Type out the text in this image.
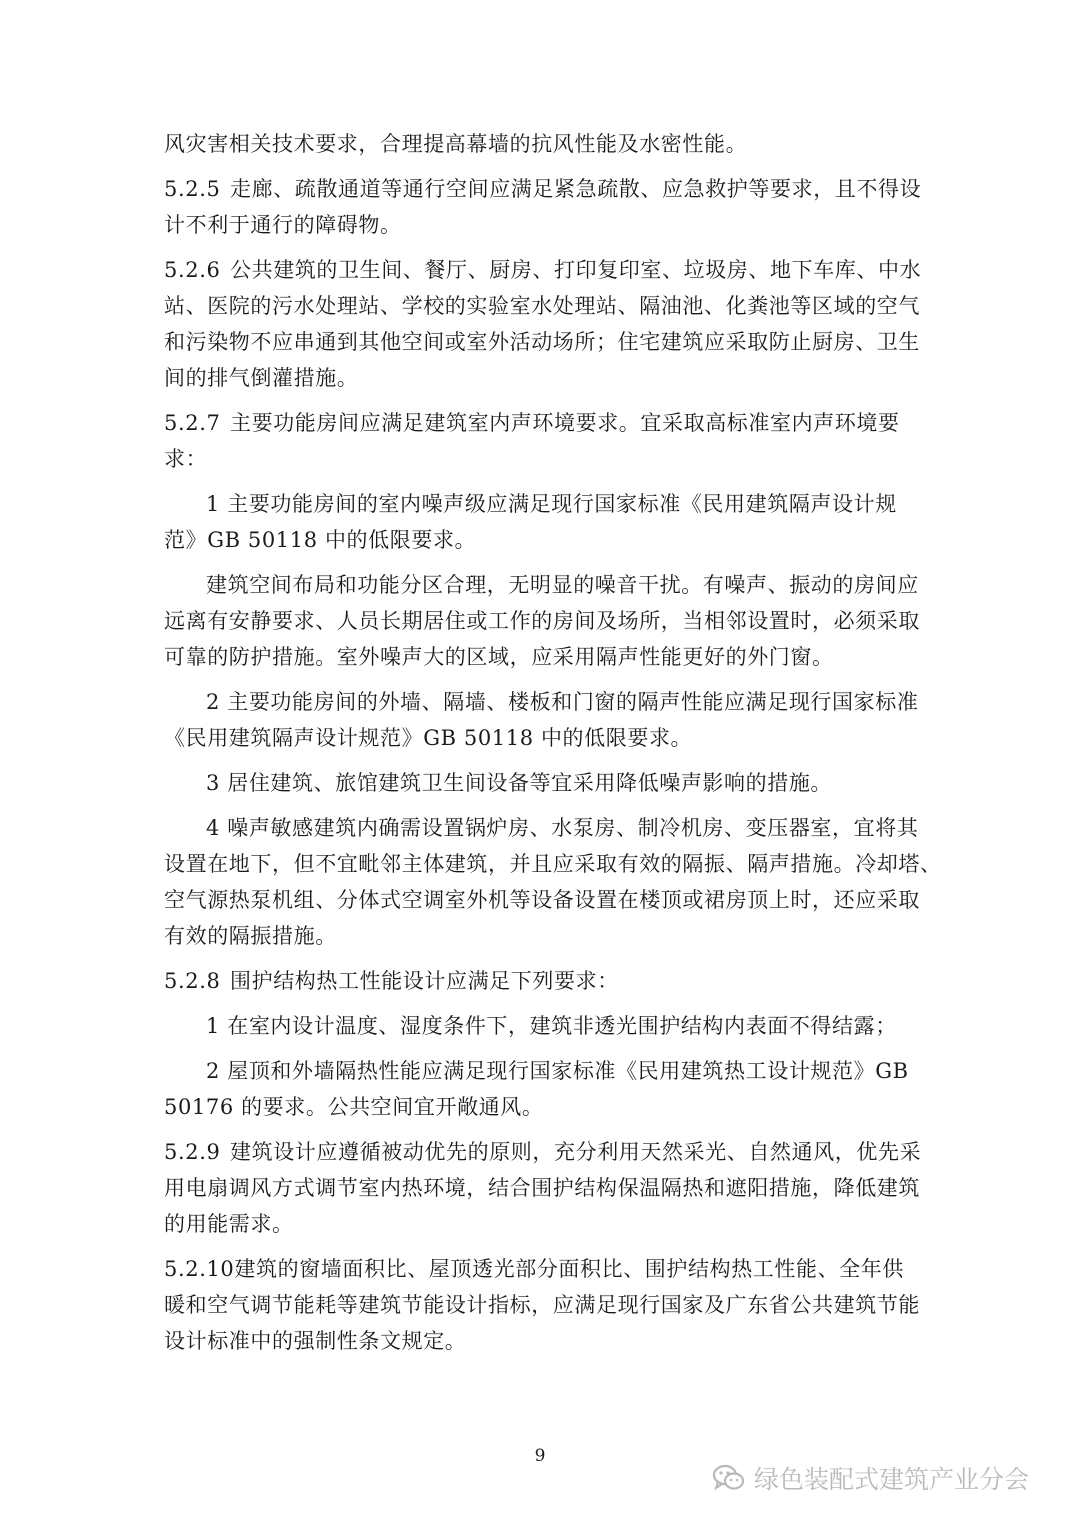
风灾害相关技术要求，合理提高幕墙的抗风性能及水密性能。
5.2.5 走廊、疏散通道等通行空间应满足紧急疏散、应急救护等要求，且不得设
计不利于通行的障碍物。
5.2.6 公共建筑的卫生间、餐厅、厨房、打印复印室、垃圾房、地下车库、中水
站、医院的污水处理站、学校的实验室水处理站、隔油池、化粪池等区域的空气
和污染物不应串通到其他空间或室外活动场所；住宅建筑应采取防止厨房、卫生
间的排气倒灌措施。
5.2.7 主要功能房间应满足建筑室内声环境要求。宜采取高标准室内声环境要
求：
1 主要功能房间的室内噪声级应满足现行国家标准《民用建筑隔声设计规
范》GB 50118 中的低限要求。
建筑空间布局和功能分区合理，无明显的噪音干扰。有噪声、振动的房间应
远离有安静要求、人员长期居住或工作的房间及场所，当相邻设置时，必须采取
可靠的防护措施。室外噪声大的区域，应采用隔声性能更好的外门窗。
2 主要功能房间的外墙、隔墙、楼板和门窗的隔声性能应满足现行国家标准
《民用建筑隔声设计规范》GB 50118 中的低限要求。
3 居住建筑、旅馆建筑卫生间设备等宜采用降低噪声影响的措施。
4 噪声敏感建筑内确需设置锅炉房、水泵房、制冷机房、变压器室，宜将其
设置在地下，但不宜毗邻主体建筑，并且应采取有效的隔振、隔声措施。冷却塔、
空气源热泵机组、分体式空调室外机等设备设置在楼顶或裙房顶上时，还应采取
有效的隔振措施。
5.2.8 围护结构热工性能设计应满足下列要求：
1 在室内设计温度、湿度条件下，建筑非透光围护结构内表面不得结露；
2 屋顶和外墙隔热性能应满足现行国家标准《民用建筑热工设计规范》GB
50176 的要求。公共空间宜开敞通风。
5.2.9 建筑设计应遵循被动优先的原则，充分利用天然采光、自然通风，优先采
用电扇调风方式调节室内热环境，结合围护结构保温隔热和遮阳措施，降低建筑
的用能需求。
5.2.10建筑的窗墙面积比、屋顶透光部分面积比、围护结构热工性能、全年供
暖和空气调节能耗等建筑节能设计指标，应满足现行国家及广东省公共建筑节能
设计标准中的强制性条文规定。
9
绿色装配式建筑产业分会
